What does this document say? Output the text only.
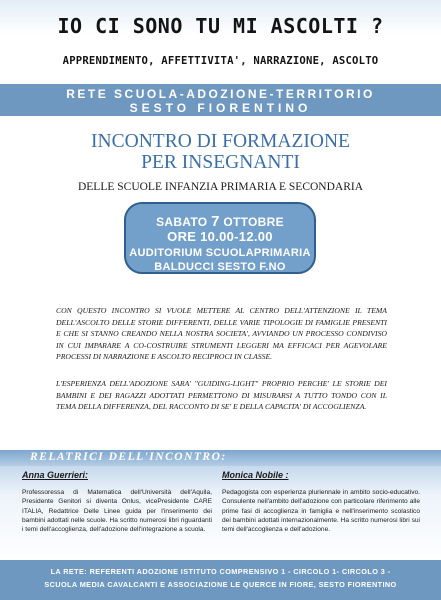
IO CI SONO TU MI ASCOLTI ?
APPRENDIMENTO, AFFETTIVITA', NARRAZIONE, ASCOLTO
RETE SCUOLA-ADOZIONE-TERRITORIO
SESTO FIORENTINO
INCONTRO DI FORMAZIONE
PER INSEGNANTI
DELLE SCUOLE INFANZIA PRIMARIA E SECONDARIA
SABATO 7 OTTOBRE
ORE 10.00-12.00
AUDITORIUM SCUOLAPRIMARIA
BALDUCCI SESTO F.NO
CON QUESTO INCONTRO SI VUOLE METTERE AL CENTRO DELL'ATTENZIONE IL TEMA DELL'ASCOLTO DELLE STORIE DIFFERENTI, DELLE VARIE TIPOLOGIE DI FAMIGLIE PRESENTI E CHE SI STANNO CREANDO NELLA NOSTRA SOCIETA', AVVIANDO UN PROCESSO CONDIVISO IN CUI IMPARARE A CO-COSTRUIRE STRUMENTI LEGGERI MA EFFICACI PER AGEVOLARE PROCESSI DI NARRAZIONE E ASCOLTO RECIPROCI IN CLASSE.
L'ESPERIENZA DELL'ADOZIONE SARA' "GUIDING-LIGHT" PROPRIO PERCHE' LE STORIE DEI BAMBINI E DEI RAGAZZI ADOTTATI PERMETTONO DI MISURARSI A TUTTO TONDO CON IL TEMA DELLA DIFFERENZA, DEL RACCONTO DI SE' E DELLA CAPACITA' DI ACCOGLIENZA.
RELATRICI DELL'INCONTRO:
Anna Guerrieri:
Professoressa di Matematica dell'Università dell'Aquila, Presidente Genitori si diventa Onlus, vicePresidente CARE ITALIA, Redattrice Delle Linee guida per l'inserimento dei bambini adottati nelle scuole. Ha scritto numerosi libri riguardanti i temi dell'accoglienza, dell'adozione dell'integrazione a scuola.
Monica Nobile :
Pedagogista con esperienza pluriennale in ambito socio-educativo. Consulente nell'ambito dell'adozione con particolare riferimento alle prime fasi di accoglienza in famiglia e nell'inserimento scolastico dei bambini adottati internazionalmente. Ha scritto numerosi libri sui temi dell'accoglienza e dell'adozione.
LA RETE: REFERENTI ADOZIONE ISTITUTO COMPRENSIVO 1 - CIRCOLO 1- CIRCOLO 3 -
SCUOLA MEDIA CAVALCANTI E ASSOCIAZIONE LE QUERCE IN FIORE, SESTO FIORENTINO
